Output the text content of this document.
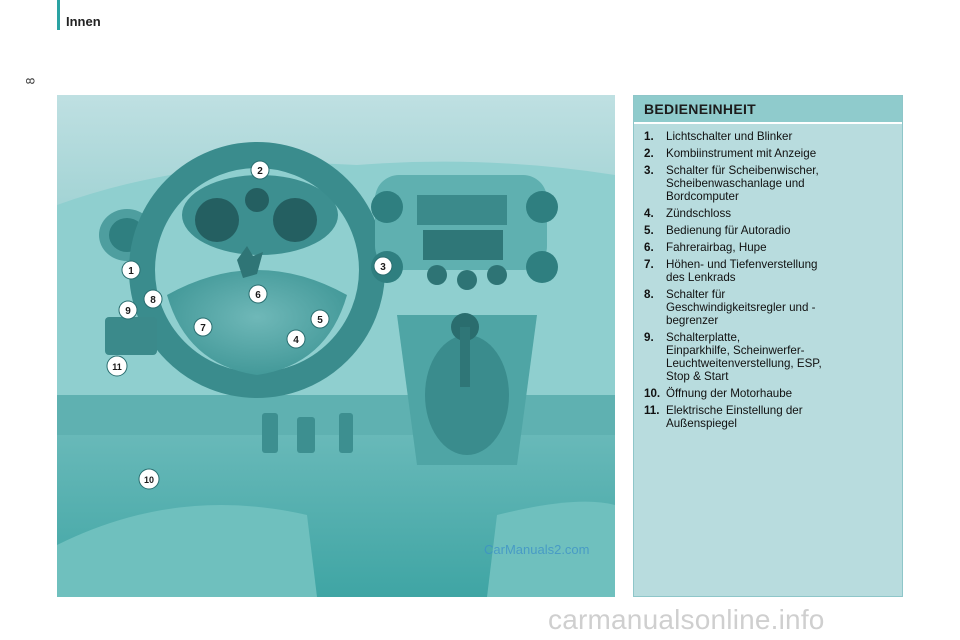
Innen
8
1
2
3
4
5
6
7
8
9
10
11
CarManuals2.com
BEDIENEINHEIT
1.	Lichtschalter und Blinker
2.	Kombiinstrument mit Anzeige
3.	Schalter für Scheibenwischer,
Scheibenwaschanlage und
Bordcomputer
4.	Zündschloss
5.	Bedienung für Autoradio
6.	Fahrerairbag, Hupe
7.	Höhen- und Tiefenverstellung
des Lenkrads
8.	Schalter für
Geschwindigkeitsregler und -
begrenzer
9.	Schalterplatte,
Einparkhilfe, Scheinwerfer-
Leuchtweitenverstellung, ESP,
Stop & Start
10. Öffnung der Motorhaube
11. Elektrische Einstellung der
Außenspiegel
carmanualsonline.info
